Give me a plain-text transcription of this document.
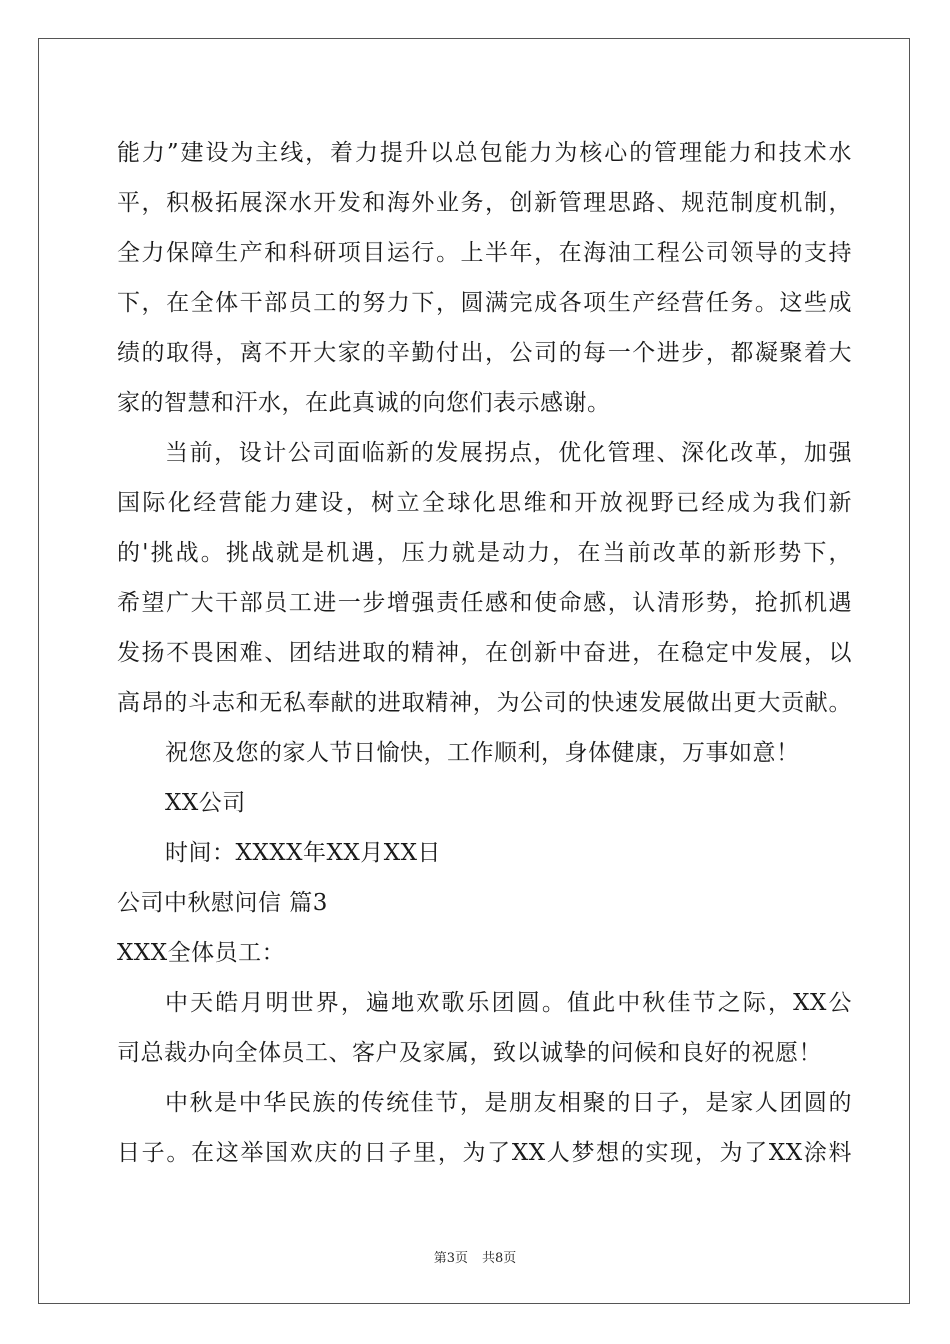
能力”建设为主线，着力提升以总包能力为核心的管理能力和技术水

平，积极拓展深水开发和海外业务，创新管理思路、规范制度机制，

全力保障生产和科研项目运行。上半年，在海油工程公司领导的支持

下，在全体干部员工的努力下，圆满完成各项生产经营任务。这些成

绩的取得，离不开大家的辛勤付出，公司的每一个进步，都凝聚着大

家的智慧和汗水，在此真诚的向您们表示感谢。

当前，设计公司面临新的发展拐点，优化管理、深化改革，加强

国际化经营能力建设，树立全球化思维和开放视野已经成为我们新

的'挑战。挑战就是机遇，压力就是动力，在当前改革的新形势下，

希望广大干部员工进一步增强责任感和使命感，认清形势，抢抓机遇

发扬不畏困难、团结进取的精神，在创新中奋进，在稳定中发展，以

高昂的斗志和无私奉献的进取精神，为公司的快速发展做出更大贡献。

祝您及您的家人节日愉快，工作顺利，身体健康，万事如意！

XX公司

时间：XXXX年XX月XX日

公司中秋慰问信 篇3

XXX全体员工：

中天皓月明世界，遍地欢歌乐团圆。值此中秋佳节之际，XX公

司总裁办向全体员工、客户及家属，致以诚挚的问候和良好的祝愿！

中秋是中华民族的传统佳节，是朋友相聚的日子，是家人团圆的

日子。在这举国欢庆的日子里，为了XX人梦想的实现，为了XX涂料

第3页 共8页
